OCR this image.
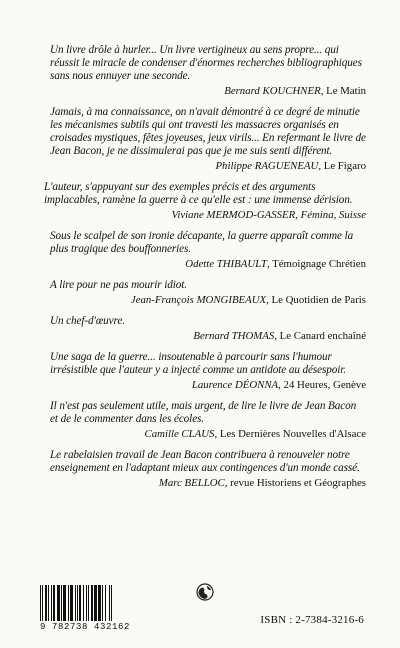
Un livre drôle à hurler... Un livre vertigineux au sens propre... qui réussit le miracle de condenser d'énormes recherches bibliographiques sans nous ennuyer une seconde.
Bernard KOUCHNER, Le Matin
Jamais, à ma connaissance, on n'avait démontré à ce degré de minutie les mécanismes subtils qui ont travesti les massacres organisés en croisades mystiques, fêtes joyeuses, jeux virils... En refermant le livre de Jean Bacon, je ne dissimulerai pas que je me suis senti différent.
Philippe RAGUENEAU, Le Figaro
L'auteur, s'appuyant sur des exemples précis et des arguments implacables, ramène la guerre à ce qu'elle est : une immense dérision.
Viviane MERMOD-GASSER, Fémina, Suisse
Sous le scalpel de son ironie décapante, la guerre apparaît comme la plus tragique des bouffonneries.
Odette THIBAULT, Témoignage Chrétien
A lire pour ne pas mourir idiot.
Jean-François MONGIBEAUX, Le Quotidien de Paris
Un chef-d'œuvre.
Bernard THOMAS, Le Canard enchaîné
Une saga de la guerre... insoutenable à parcourir sans l'humour irrésistible que l'auteur y a injecté comme un antidote au désespoir.
Laurence DÉONNA, 24 Heures, Genève
Il n'est pas seulement utile, mais urgent, de lire le livre de Jean Bacon et de le commenter dans les écoles.
Camille CLAUS, Les Dernières Nouvelles d'Alsace
Le rabelaisien travail de Jean Bacon contribuera à renouveler notre enseignement en l'adaptant mieux aux contingences d'un monde cassé.
Marc BELLOC, revue Historiens et Géographes
9 782738 432162
ISBN : 2-7384-3216-6
